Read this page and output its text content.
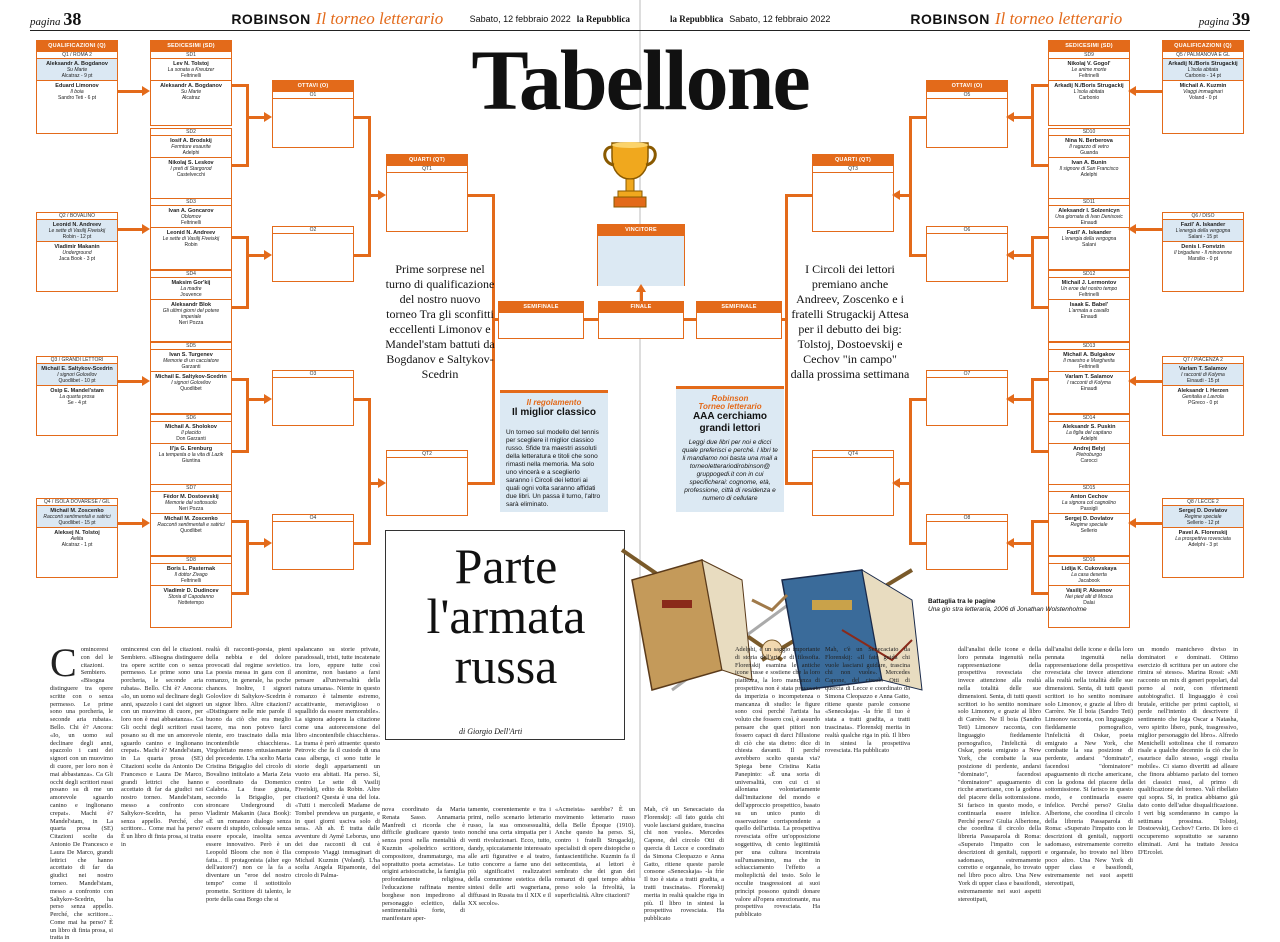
pagina 38	ROBINSON Il torneo letterario	Sabato, 12 febbraio 2022 la Repubblica	la Repubblica Sabato, 12 febbraio 2022	ROBINSON Il torneo letterario	pagina 39
Tabellone
QUALIFICAZIONI (Q)
Q1 / ROMA 2
Aleksandr A. Bogdanov
Su Marte
Alcatraz - 9 pt
Eduard Limonov
Il boia
Sandro Teti - 6 pt
Q2 / BOVALINO
Leonid N. Andreev
Le sette di Vasilij Fiveiskij
Robin - 12 pt
Vladimir Makanin
Underground
Jaca Book - 3 pt
Q3 / GRANDI LETTORI
Michail E. Saltykov-Scedrin
I signori Golovliov
Quodlibet - 10 pt
Osip E. Mandel'stam
La quarta prosa
Se - 4 pt
Q4 / ISOLA DOVARESE / GIL
Michail M. Zoscenko
Racconti sentimentali e satirici
Quodlibet - 15 pt
Aleksej N. Tolstoj
Aelita
Alcatraz - 1 pt
SEDICESIMI (SD)
SD1
Lev N. Tolstoj
La sonata a Kreutzer
Feltrinelli
Aleksandr A. Bogdanov
Su Marte
Alcatraz
SD2
Iosif A. Brodskij
Fermture esaurite
Adelphi
Nikolaj S. Leskov
I preti di Stargorod
Castelvecchi
SD3
Ivan A. Goncarov
Oblomov
Feltrinelli
Leonid N. Andreev
Le sette di Vasilij Fiveiskij
Robin
SD4
Maksim Gor'kij
La madre
Jouvence
Aleksandr Blok
Gli ultimi giorni del potere imperiale
Neri Pozza
SD5
Ivan S. Turgenev
Memorie di un cacciatore
Garzanti
Michail E. Saltykov-Scedrin
I signori Golovliov
Quodlibet
SD6
Michail A. Sholokov
Il placido
Don Garzanti
Il'ja G. Erenburg
La tempesta o la vita di Lazik
Giuntina
SD7
Fëdor M. Dostoevskij
Memorie dal sottosuolo
Neri Pozza
Michail M. Zoscenko
Racconti sentimentali e satirici
Quodlibet
SD8
Boris L. Pasternak
Il dottor Zivago
Feltrinelli
Vladimir D. Dudincev
Storia di Capodanno
Nottetempo
OTTAVI (O)
O1
O2
O3
O4
QUARTI (QT)
QT1
QT2
QUALIFICAZIONI (Q)
Q5 / PALMANOVA E GL
Arkadij N./Boris Strugackij
L'isola abitata
Carbonio - 14 pt
Michail A. Kuzmin
Viaggi immaginari
Voland - 0 pt
Q6 / DISO
Fazil' A. Iskander
L'energia della vergogna
Salani - 15 pt
Denis I. Fonvizin
Il brigadiere - Il minorenne
Marsilio - 0 pt
Q7 / PIACENZA 2
Varlam T. Salamov
I racconti di Kolyma
Einaudi - 15 pt
Aleksandr I. Herzen
Genitalia e Lavrola
PGreco - 0 pt
Q8 / LECCE 2
Sergej D. Dovlatov
Regime speciale
Sellerio - 12 pt
Pavel A. Florenskij
La prospettiva rovesciata
Adelphi - 3 pt
SEDICESIMI (SD)
SD9
Nikolaj V. Gogol'
Le anime morte
Feltrinelli
Arkadij N./Boris Strugackij
L'isola abitata
Carbonio
SD10
Nina N. Berberova
Il ragazzo di vetro
Guanda
Ivan A. Bunin
Il signore di San Francisco
Adelphi
SD11
Aleksandr I. Solzenicyn
Una giornata di Ivan Denisovic
Einaudi
Fazil' A. Iskander
L'energia della vergogna
Salani
SD12
Michail J. Lermontov
Un eroe del nostro tempo
Feltrinelli
Isaak E. Babel'
L'armata a cavallo
Einaudi
SD13
Michail A. Bulgakov
Il maestro e Margherita
Feltrinelli
Varlam T. Salamov
I racconti di Kolyma
Einaudi
SD14
Aleksandr S. Puskin
La figlia del capitano
Adelphi
Andrej Belyj
Pietroburgo
Carocci
SD15
Anton Cechov
La signora col cagnolino
Passigli
Sergej D. Dovlatov
Regime speciale
Sellerio
SD16
Lidija K. Cukovskaya
La casa deserta
Jacabook
Vasilij P. Aksenov
Nei pied alti di Mosca
Dalai
OTTAVI (O)
O5
O6
O7
O8
QUARTI (QT)
QT3
QT4
VINCITORE
SEMIFINALE	FINALE	SEMIFINALE
Prime sorprese nel turno di qualificazione del nostro nuovo torneo Tra gli sconfitti eccellenti Limonov e Mandel'stam battuti da Bogdanov e Saltykov-Scedrin
I Circoli dei lettori premiano anche Andreev, Zoscenko e i fratelli Strugackij Attesa per il debutto dei big: Tolstoj, Dostoevskij e Cechov "in campo" dalla prossima settimana
Il regolamento
Il miglior classico
Un torneo sul modello del tennis per scegliere il miglior classico russo. Sfide tra maestri assoluti della letteratura e titoli che sono rimasti nella memoria. Ma solo uno vincerà e a sceglierlo saranno i Circoli dei lettori ai quali ogni volta saranno affidati due libri. Un passa il turno, l'altro sarà eliminato.
Robinson
Torneo letterario
AAA cerchiamo grandi lettori
Leggi due libri per noi e dicci quale preferisci e perché. I libri te li mandiamo noi basta una mail a torneoletterariodirobinson@ gruppogedi.it con in cui specificherai: cognome, età, professione, città di residenza e numero di cellulare
Parte l'armata russa
di Giorgio Dell'Arti
Battaglia tra le pagine
Una gio stra letteraria, 2006 di Jonathan Wolstenholme
C ominceresi con del le citazioni. Sembiero. «Bisogna distinguere tra opere scritte con o senza permesso. Le prime sono una porcheria, le seconde aria rubata». Bello. Chi è? Ancora: «Io, un uomo sul declinare degli anni, spazzolo i cani dei signori con un muovimo di cuore, per loro non è mai abbastanza». Ca Gli occhi degli scrittori russi posano su di me un amorevole sguardo canino e inglionano crepat». Machi è? Mandel'stam, in La quarta prosa (SE) Citazioni scelte da Antonio De Francesco e Laura De Marco, grandi lettrici che hanno accettato di far da giudici nei nostro torneo. Mandel'stam, messo a confronto con Saltykov-Scedrin, ha perso senza appello. Perché, che scrittore... Come mai ha perso? È un libro di finta prosa, si tratta in
ominceresi con del le citazioni. Sembiero. «Bisogna distinguere tra opere scritte con o senza permesso. Le prime sono una porcheria, le seconde aria rubata». Bello. Chi è? Ancora: «Io, un uomo sul declinare degli anni, spazzolo i cani dei signori con un muovimo di cuore, per loro non è mai abbastanza». Ca Gli occhi degli scrittori russi posano su di me un amorevole sguardo canino e inglionano crepat». Machi è? Mandel'stam, in La quarta prosa (SE) Citazioni scelte da Antonio De Francesco e Laura De Marco, grandi lettrici che hanno accettato di far da giudici nei nostro torneo. Mandel'stam, messo a confronto con Saltykov-Scedrin, ha perso senza appello. Perché, che scrittore... Come mai ha perso? È un libro di finta prosa, si tratta in
realtà di racconti-poesia, pieni della nebbia e del dolore provocati dal regime sovietico. La poesia messa in gara con il romanzo, in generale, ha poche chances. Inoltre, I signori Golovliov di Saltykov-Scedrin è un signor libro. Altre citazioni? «Distinguere nelle mie parole il buono da ciò che era meglio tacere, ma non potevo farci niente, ero trascinato dalla mia incontenibile chiacchiera». Virgolettato meno entusiasmante del precedente. L'ha scelto Maria Cristina Brigaglio del circolo di Bovalino intitolato a Maria Zeta e coordinato da Domenico Calabria. La frase giusta, secondo la Brigaglio, per stroncare Underground di Vladimir Makanin (Jaca Book): «È un romanzo dialogo senza essere di stupido, colossale senza essere epocale, insolita senza essere innovativo. Però è un Leopold Bloom che non è Ilia fatta... Il protagonista (alter ego dell'autore?) non ce la fa a diventare un "eroe del nostro tempo" come il sottotitolo promette. Scrittore di talento, le porte della casa Borgo che si
spalancano su storie private, paradossali, tristi, tutte incatenate tra loro, eppure tutte così anonime, non bastano a farsi pensare all'universalità della natura umana». Niente in questo romanzo è talmente estremo, accattivante, meraviglioso o squallido da essere memorabile». La signora adopera la citazione come una autorecensione del libro «incontenibile chiacchiera». La trama è però attraente: questo Petrovic che fa il custode di una casa alberga, ci sono tutte le storie degli appartamenti un vuoto era abitati. Ha perso. Sì, contro Le sette di Vasilij Fiveiskij, edito da Robin. Altre citazioni? Questa è una del loia. «Tutti i mercoledì Madame de Tombel prendeva un purgante, e in quei giorni usciva solo di sera». Ah ah. È tratta dalle avventure di Aymé Leborus, uno dei due racconti di cui è composto Viaggi immaginari di Michail Kuzmin (Voland). L'ha scelta Angela Ripamonte, del circolo di Palma-
nova coordinato da Maria Renata Sasso. Annamaria Manfredi ci ricorda che è difficile giudicare questo testo senza porsi nella mentalità di Kuzmin «poliedrico scrittore, compositore, drammaturgo, ma soprattutto poeta acmeista». Le origini aristocratiche, la famiglia profondamente religiosa, l'educazione raffinata mentre borghese non impedirono al personaggio eclettico, dalla sentimentalità forte, di manifestare aper-
tamente, coerentemente e tra i primi, nello scenario letterario russo, la sua omosessualità, nonché una certa simpatia per i venti rivoluzionari. Ecco, tutto, dandy, spiccatamente interessato alle arti figurative e al teatro, tutto concorre a farne uno dei più significativi realizzatori della comunione estetica della sintesi delle arti wagneriana, diffusasi in Russia tra il XIX e il XX secolo».
«Acmeista» sarebbe? È un movimento letterario russo della Belle Époque (1910). Anche questo ha perso. Sì, contro i fratelli Strugackij, specialisti di opere distopiche o fantascientifiche. Kuzmin fa il settecentista, ai lettori è sembrato che dei gran dei romanzi di quel tempo abbia preso solo la frivolità, la superficialità. Altre citazioni?
Mah, c'è un Senecaciato da Florenskij: «Il fato guida chi vuole lasciarsi guidare, trascina chi non vuole». Mercedes Capone, del circolo Otti di quercia di Lecce e coordinato da Simona Cleopazzo e Anna Gatto, ritiene queste parole consone «Senecskaja» -la frìe Il tuo è stata a tratti gradita, a tratti trascinata». Florenskij merita in realtà qualche riga in più. Il libro in sintesi la prospettiva rovesciata. Ha pubblicato
Adelphi, è un saggio importante di storia dell'arte e di filosofia. Florenskij esamina le antiche icone russe e sostiene che la loro piattezza, la loro mancanza di prospettiva non è stata provocata da imperizia o incompetenza o mancanza di studio: le figure sono così perché l'artista ha voluto che fossero così, è assurdo pensare che quei pittori non fossero capaci di darci l'illusione di ciò che sta dietro: dice di chiesta davanti. Il perché avrebbero scelto questa via? Spiega bene Cristina Katia Panepinto: «È una sorta di universalità, con cui ci si allontana volontariamente dall'imitazione del mondo e dell'approccio prospettico, basato su un unico punto di osservazione corrispondente a quello dell'artista. La prospettiva rovesciata offre un'opposizione soggettiva, di cento legittimità per una cultura incentrata sull'umanesimo, ma che in schiacciamento l'effetto a molteplicità del testo. Solo le occulte trasgressioni ai suoi princìpi possono quindi donare valore all'opera emozionante, ma prospettiva rovesciata. Ha pubblicato
Mah, c'è un Senecaciato da Florenskij: «Il fato guida chi vuole lasciarsi guidare, trascina chi non vuole». Mercedes Capone, del circolo Otti di quercia di Lecce e coordinato da Simona Cleopazzo e Anna Gatto, ritiene queste parole consone «Senecskaja» -la frìe Il tuo è stata a tratti gradita, a tratti trascinata». Florenskij merita in realtà qualche riga in più. Il libro in sintesi la prospettiva rovesciata. Ha pubblicato
dall'analisi delle icone e della loro pennata ingenuità nella rappresentazione della prospettiva rovesciata che invece attenzione alla realtà nella totalità delle sue dimensioni. Senta, di tutti questi scrittori io ho sentito nominare solo Limonov, e grazie al libro di Carrère. Ne Il boia (Sandro Teti) Limonov racconta, con linguaggio fieddamente pornografico, l'infelicità di Oskar, poeta emigrato a New York, che combatte la sua posizione di perdente, andarsi "dominato", facendosi "dominatore" apaguamento di ricche americane, con la godona del piacere della sottomissione. Si farisco in questo modo, e continuarla essere infelice. Perché perso? Giulia Albertone, che coordina il circolo della libreria Passaparola di Roma: «Superato l'impatto con le descrizioni di genitali, rapporti sadomaso, estremamente corretto e organnale, ho trovato nel libro poco altro. Una New York di upper class e bassifondi, estremamente nei suoi aspetti stereotipati,
un mondo manichevo diviso in dominatori e dominati. Ottimo esercizio di scrittura per un autore che rimira sé stesso». Marina Rossi: «Mi racconto un mix di generi popolari, dal porno al noir, con riferimenti autobiografici. Il linguaggio è così brutale, eritiche per primi capitoli, si perde nell'intento di descrivere il sentimento che lega Oscar a Natasha, vero spirito libero, punk, trasgressivo, miglior personaggio del libro». Alfredo Menichelli sottolinea che il romanzo risale a qualche decennio fa ciò che lo esaurisce dallo stesso, «oggi risulta mobile». Ci siamo divertiti ad alleare che finora abbiamo parlato del torneo dei classici russi, al primo di qualificazione del torneo. Valì ribellato qui sopra. Sì, in pratica abbiamo già dato conto dell'adue disqualificazione. I veri big scenderanno in campo la settimana prossima. Tolstoj, Dostoevskij, Cechov? Certo. Di loro ci occuperemo soprattutto se saranno eliminati. Ami ha trattato Jessica D'Ercolei.
dall'analisi delle icone e della loro pennata ingenuità nella rappresentazione della prospettiva rovesciata che invece attenzione alla realtà nella totalità delle sue dimensioni. Senta, di tutti questi scrittori io ho sentito nominare solo Limonov, e grazie al libro di Carrère. Ne Il boia (Sandro Teti) Limonov racconta, con linguaggio fieddamente pornografico, l'infelicità di Oskar, poeta emigrato a New York, che combatte la sua posizione di perdente, andarsi "dominato", facendosi "dominatore" apaguamento di ricche americane, con la godona del piacere della sottomissione. Si farisco in questo modo, e continuarla essere infelice. Perché perso? Giulia Albertone, che coordina il circolo della libreria Passaparola di Roma: «Superato l'impatto con le descrizioni di genitali, rapporti sadomaso, estremamente corretto e organnale, ho trovato nel libro poco altro. Una New York di upper class e bassifondi, estremamente nei suoi aspetti stereotipati,
